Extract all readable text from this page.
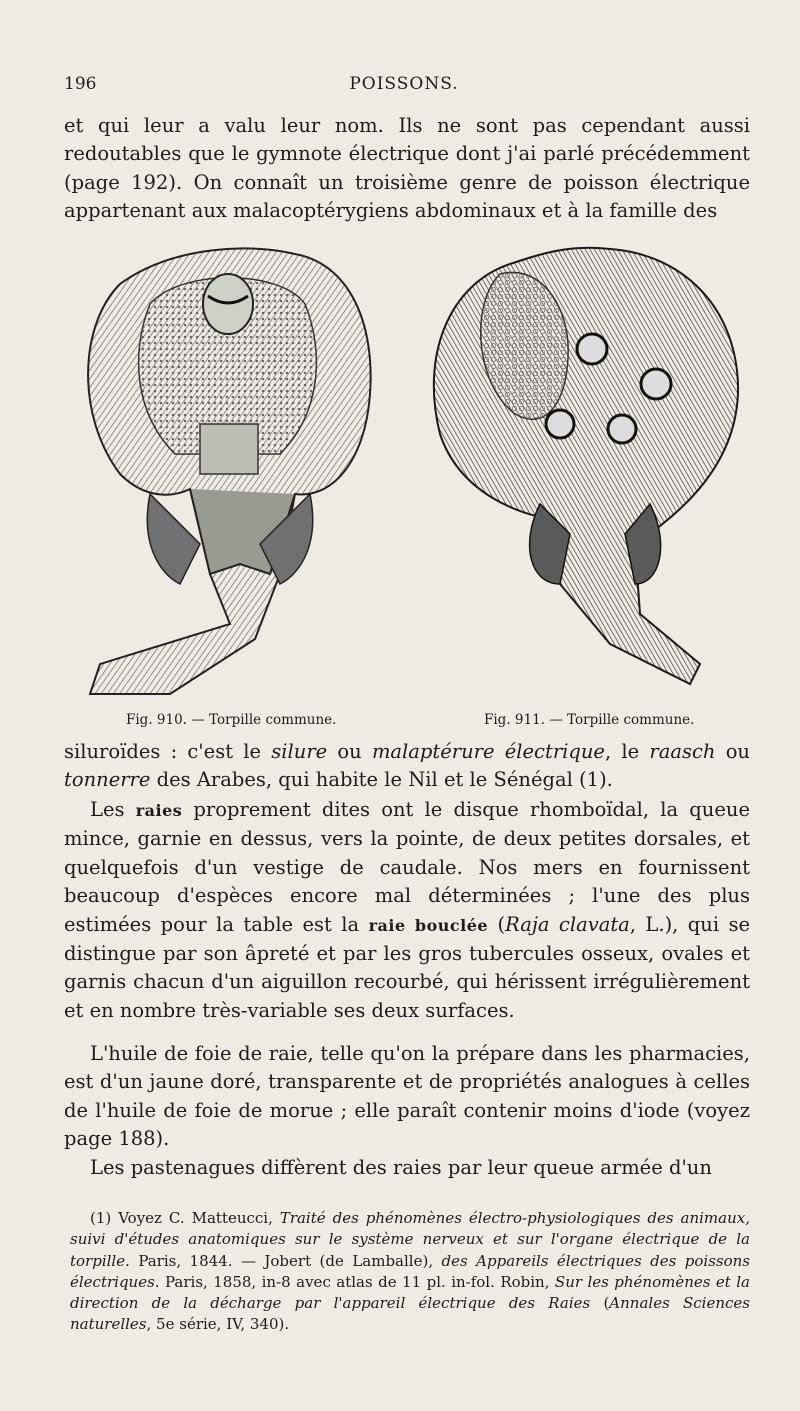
196	POISSONS.

et qui leur a valu leur nom. Ils ne sont pas cependant aussi redoutables que le gymnote électrique dont j'ai parlé précédemment (page 192). On connaît un troisième genre de poisson électrique appartenant aux malacoptérygiens abdominaux et à la famille des

Fig. 910. — Torpille commune.	Fig. 911. — Torpille commune.

siluroïdes : c'est le silure ou malaptérure électrique, le raasch ou tonnerre des Arabes, qui habite le Nil et le Sénégal (1).

Les raies proprement dites ont le disque rhomboïdal, la queue mince, garnie en dessus, vers la pointe, de deux petites dorsales, et quelquefois d'un vestige de caudale. Nos mers en fournissent beaucoup d'espèces encore mal déterminées ; l'une des plus estimées pour la table est la raie bouclée (Raja clavata, L.), qui se distingue par son âpreté et par les gros tubercules osseux, ovales et garnis chacun d'un aiguillon recourbé, qui hérissent irrégulièrement et en nombre très-variable ses deux surfaces.

L'huile de foie de raie, telle qu'on la prépare dans les pharmacies, est d'un jaune doré, transparente et de propriétés analogues à celles de l'huile de foie de morue ; elle paraît contenir moins d'iode (voyez page 188).

Les pastenagues diffèrent des raies par leur queue armée d'un

(1) Voyez C. Matteucci, Traité des phénomènes électro-physiologiques des animaux, suivi d'études anatomiques sur le système nerveux et sur l'organe électrique de la torpille. Paris, 1844. — Jobert (de Lamballe), des Appareils électriques des poissons électriques. Paris, 1858, in-8 avec atlas de 11 pl. in-fol. Robin, Sur les phénomènes et la direction de la décharge par l'appareil électrique des Raies (Annales Sciences naturelles, 5e série, IV, 340).
